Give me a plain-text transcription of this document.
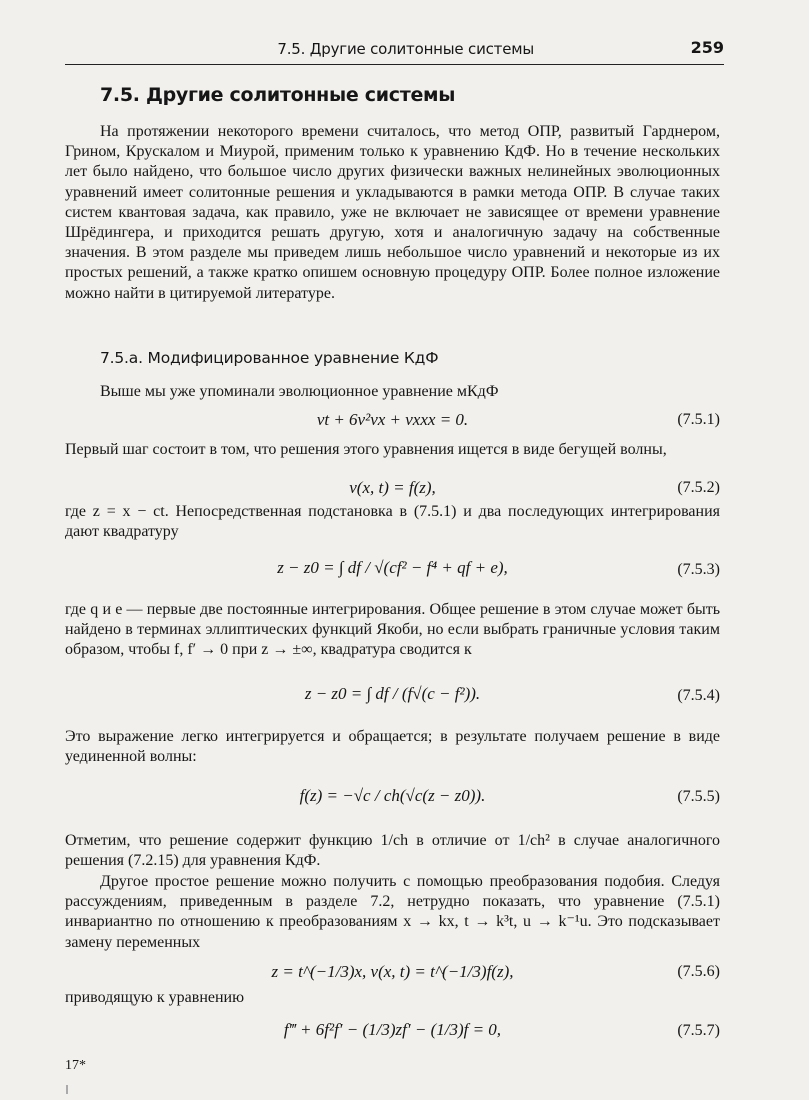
7.5. Другие солитонные системы	259
7.5. Другие солитонные системы

На протяжении некоторого времени считалось, что метод ОПР, развитый Гарднером, Грином, Крускалом и Миурой, применим только к уравнению КдФ. Но в течение нескольких лет было найдено, что большое число других физически важных нелинейных эволюционных уравнений имеет солитонные решения и укладываются в рамки метода ОПР. В случае таких систем квантовая задача, как правило, уже не включает не зависящее от времени уравнение Шрёдингера, и приходится решать другую, хотя и аналогичную задачу на собственные значения. В этом разделе мы приведем лишь небольшое число уравнений и некоторые из их простых решений, а также кратко опишем основную процедуру ОПР. Более полное изложение можно найти в цитируемой литературе.

7.5.а. Модифицированное уравнение КдФ

Выше мы уже упоминали эволюционное уравнение мКдФ

vt + 6v²vx + vxxx = 0.	(7.5.1)

Первый шаг состоит в том, что решения этого уравнения ищется в виде бегущей волны,

v(x, t) = f(z),	(7.5.2)

где z = x − ct. Непосредственная подстановка в (7.5.1) и два последующих интегрирования дают квадратуру

z − z0 = ∫ df / √(cf² − f⁴ + qf + e),	(7.5.3)

где q и e — первые две постоянные интегрирования. Общее решение в этом случае может быть найдено в терминах эллиптических функций Якоби, но если выбрать граничные условия таким образом, чтобы f, f′ → 0 при z → ±∞, квадратура сводится к

z − z0 = ∫ df / (f√(c − f²)).	(7.5.4)

Это выражение легко интегрируется и обращается; в результате получаем решение в виде уединенной волны:

f(z) = −√c / ch(√c(z − z0)).	(7.5.5)

Отметим, что решение содержит функцию 1/ch в отличие от 1/ch² в случае аналогичного решения (7.2.15) для уравнения КдФ.

Другое простое решение можно получить с помощью преобразования подобия. Следуя рассуждениям, приведенным в разделе 7.2, нетрудно показать, что уравнение (7.5.1) инвариантно по отношению к преобразованиям x → kx, t → k³t, u → k⁻¹u. Это подсказывает замену переменных

z = t^(−1/3)x, v(x, t) = t^(−1/3)f(z),	(7.5.6)

приводящую к уравнению

f‴ + 6f²f′ − (1/3)zf′ − (1/3)f = 0,	(7.5.7)
17*
